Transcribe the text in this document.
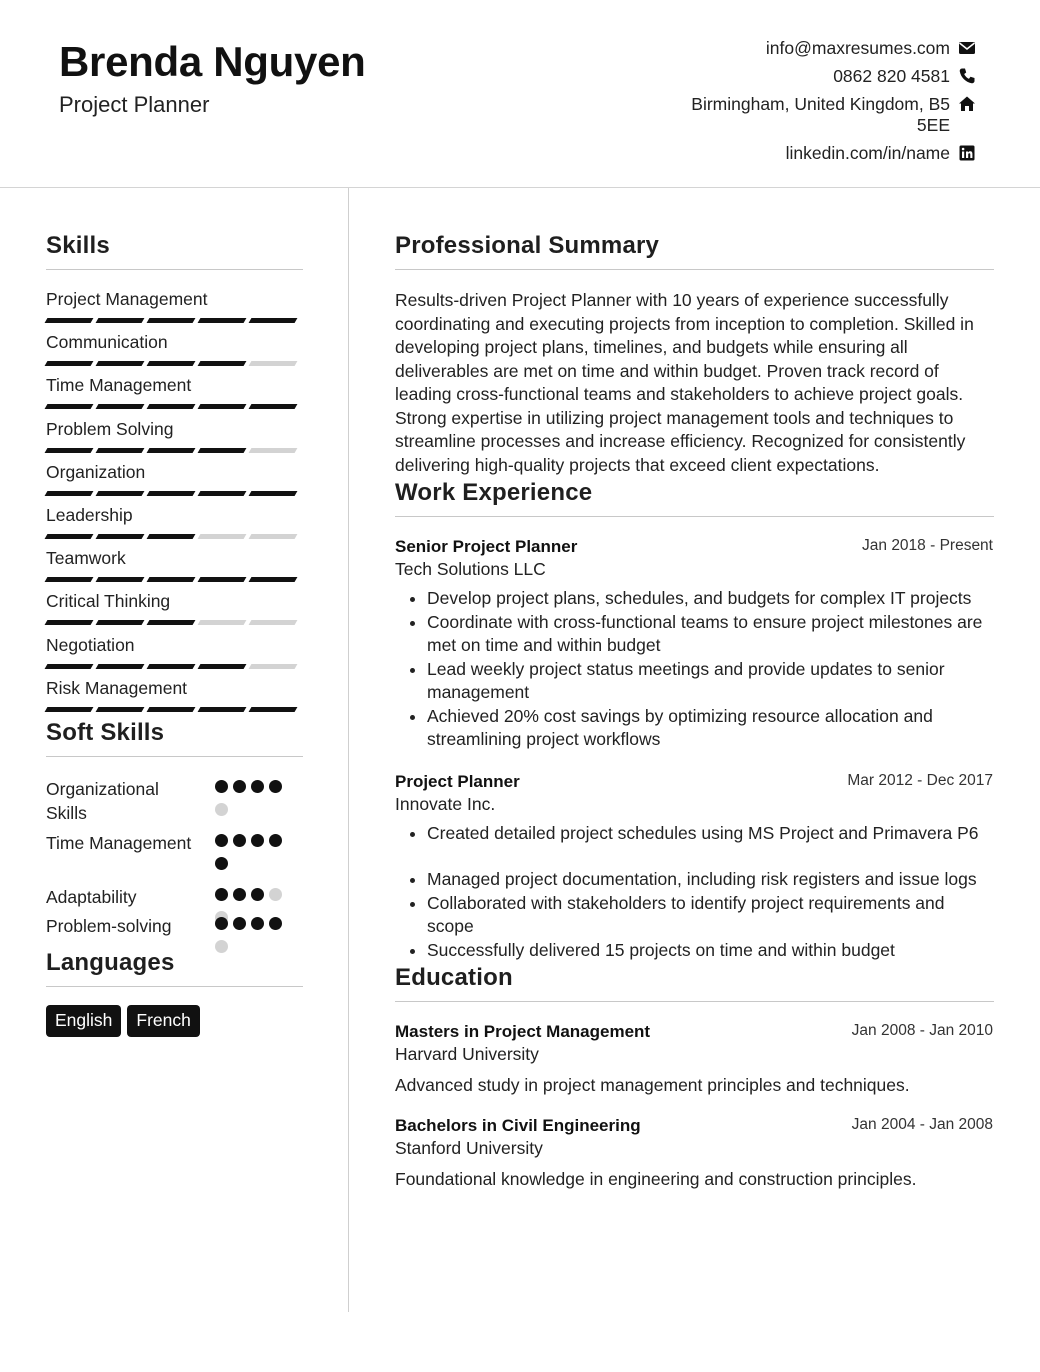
Brenda Nguyen
Project Planner
info@maxresumes.com
0862 820 4581
Birmingham, United Kingdom, B5 5EE
linkedin.com/in/name
Skills
Project Management
Communication
Time Management
Problem Solving
Organization
Leadership
Teamwork
Critical Thinking
Negotiation
Risk Management
Soft Skills
Organizational Skills
Time Management
Adaptability
Problem-solving
Languages
English	French
Professional Summary
Results-driven Project Planner with 10 years of experience successfully coordinating and executing projects from inception to completion. Skilled in developing project plans, timelines, and budgets while ensuring all deliverables are met on time and within budget. Proven track record of leading cross-functional teams and stakeholders to achieve project goals. Strong expertise in utilizing project management tools and techniques to streamline processes and increase efficiency. Recognized for consistently delivering high-quality projects that exceed client expectations.
Work Experience
Senior Project Planner	Jan 2018 - Present
Tech Solutions LLC
• Develop project plans, schedules, and budgets for complex IT projects
• Coordinate with cross-functional teams to ensure project milestones are met on time and within budget
• Lead weekly project status meetings and provide updates to senior management
• Achieved 20% cost savings by optimizing resource allocation and streamlining project workflows
Project Planner	Mar 2012 - Dec 2017
Innovate Inc.
• Created detailed project schedules using MS Project and Primavera P6
• Managed project documentation, including risk registers and issue logs
• Collaborated with stakeholders to identify project requirements and scope
• Successfully delivered 15 projects on time and within budget
Education
Masters in Project Management	Jan 2008 - Jan 2010
Harvard University
Advanced study in project management principles and techniques.
Bachelors in Civil Engineering	Jan 2004 - Jan 2008
Stanford University
Foundational knowledge in engineering and construction principles.
